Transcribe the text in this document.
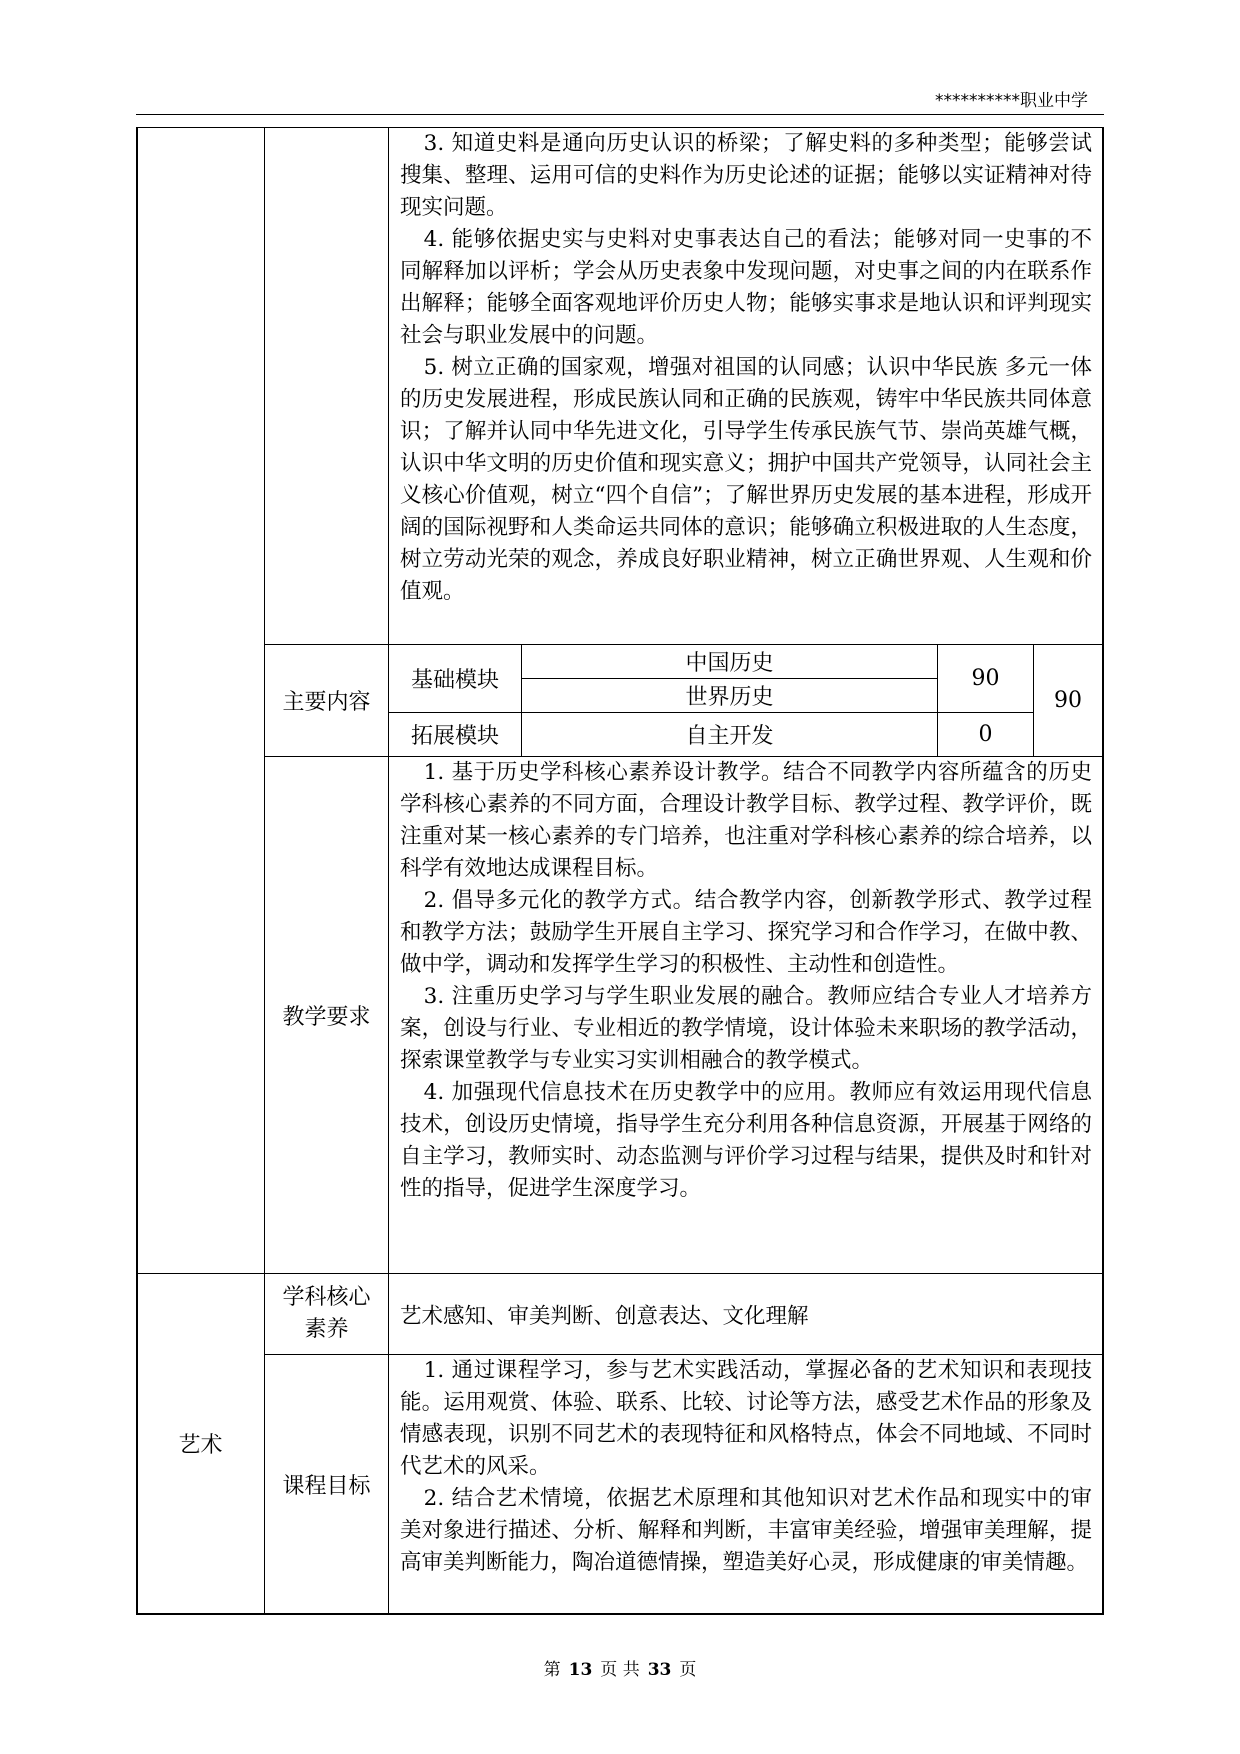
**********职业中学

3. 知道史料是通向历史认识的桥梁；了解史料的多种类型；能够尝试搜集、整理、运用可信的史料作为历史论述的证据；能够以实证精神对待现实问题。

4. 能够依据史实与史料对史事表达自己的看法；能够对同一史事的不同解释加以评析；学会从历史表象中发现问题，对史事之间的内在联系作出解释；能够全面客观地评价历史人物；能够实事求是地认识和评判现实社会与职业发展中的问题。

5. 树立正确的国家观，增强对祖国的认同感；认识中华民族 多元一体的历史发展进程，形成民族认同和正确的民族观，铸牢中华民族共同体意识；了解并认同中华先进文化，引导学生传承民族气节、崇尚英雄气概，认识中华文明的历史价值和现实意义；拥护中国共产党领导，认同社会主义核心价值观，树立“四个自信”；了解世界历史发展的基本进程，形成开阔的国际视野和人类命运共同体的意识；能够确立积极进取的人生态度，树立劳动光荣的观念，养成良好职业精神，树立正确世界观、人生观和价值观。

主要内容
基础模块
中国历史
世界历史
90
90
拓展模块	自主开发	0
教学要求

1. 基于历史学科核心素养设计教学。结合不同教学内容所蕴含的历史学科核心素养的不同方面，合理设计教学目标、教学过程、教学评价，既注重对某一核心素养的专门培养，也注重对学科核心素养的综合培养，以科学有效地达成课程目标。

2. 倡导多元化的教学方式。结合教学内容，创新教学形式、教学过程和教学方法；鼓励学生开展自主学习、探究学习和合作学习，在做中教、做中学，调动和发挥学生学习的积极性、主动性和创造性。

3. 注重历史学习与学生职业发展的融合。教师应结合专业人才培养方案，创设与行业、专业相近的教学情境，设计体验未来职场的教学活动，探索课堂教学与专业实习实训相融合的教学模式。

4. 加强现代信息技术在历史教学中的应用。教师应有效运用现代信息技术，创设历史情境，指导学生充分利用各种信息资源，开展基于网络的自主学习，教师实时、动态监测与评价学习过程与结果，提供及时和针对性的指导，促进学生深度学习。

艺术
学科核心
素养
艺术感知、审美判断、创意表达、文化理解
课程目标

1. 通过课程学习，参与艺术实践活动，掌握必备的艺术知识和表现技能。运用观赏、体验、联系、比较、讨论等方法，感受艺术作品的形象及情感表现，识别不同艺术的表现特征和风格特点，体会不同地域、不同时代艺术的风采。

2. 结合艺术情境，依据艺术原理和其他知识对艺术作品和现实中的审美对象进行描述、分析、解释和判断，丰富审美经验，增强审美理解，提高审美判断能力，陶冶道德情操，塑造美好心灵，形成健康的审美情趣。

第 13 页 共 33 页
